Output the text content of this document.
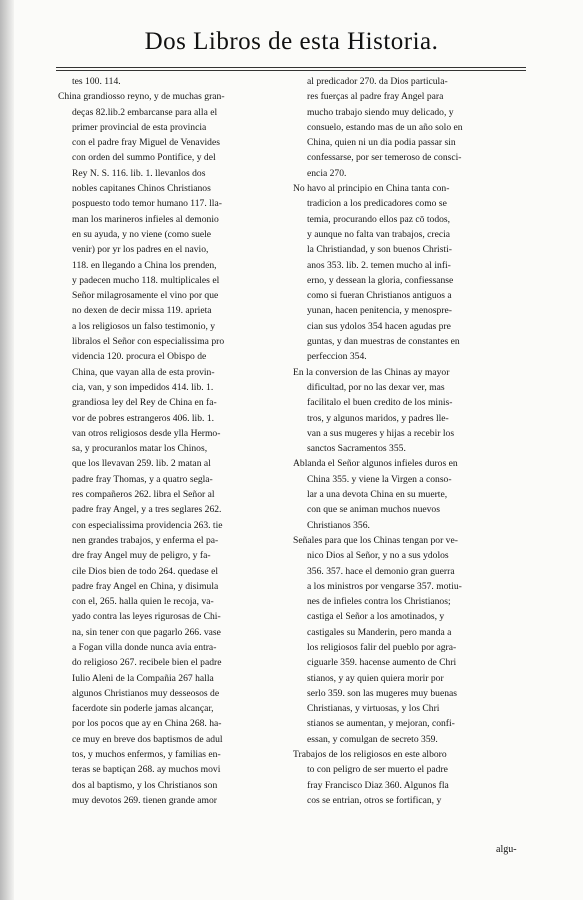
Dos Libros de esta Historia.
tes 100. 114.
China grandiosso reyno, y de muchas gran-
deças 82.lib.2 embarcanse para alla el
primer provincial de esta provincia
con el padre fray Miguel de Venavides
con orden del summo Pontifice, y del
Rey N. S. 116. lib. 1. llevanlos dos
nobles capitanes Chinos Christianos
pospuesto todo temor humano 117. lla-
man los marineros infieles al demonio
en su ayuda, y no viene (como suele
venir) por yr los padres en el navio,
118. en llegando a China los prenden,
y padecen mucho 118. multiplicales el
Señor milagrosamente el vino por que
no dexen de decir missa 119. aprieta
a los religiosos un falso testimonio, y
libralos el Señor con especialissima pro
videncia 120. procura el Obispo de
China, que vayan alla de esta provin-
cia, van, y son impedidos 414. lib. 1.
grandiosa ley del Rey de China en fa-
vor de pobres estrangeros 406. lib. 1.
van otros religiosos desde ylla Hermo-
sa, y procuranlos matar los Chinos,
que los llevavan 259. lib. 2 matan al
padre fray Thomas, y a quatro segla-
res compañeros 262. libra el Señor al
padre fray Angel, y a tres seglares 262.
con especialissima providencia 263. tie
nen grandes trabajos, y enferma el pa-
dre fray Angel muy de peligro, y fa-
cile Dios bien de todo 264. quedase el
padre fray Angel en China, y disimula
con el, 265. halla quien le recoja, va-
yado contra las leyes rigurosas de Chi-
na, sin tener con que pagarlo 266. vase
a Fogan villa donde nunca avia entra-
do religioso 267. recibele bien el padre
Iulio Aleni de la Compañia 267 halla
algunos Christianos muy desseosos de
facerdote sin poderle jamas alcançar,
por los pocos que ay en China 268. ha-
ce muy en breve dos baptismos de adul
tos, y muchos enfermos, y familias en-
teras se baptiçan 268. ay muchos movi
dos al baptismo, y los Christianos son
muy devotos 269. tienen grande amor
al predicador 270. da Dios particula-
res fuerças al padre fray Angel para
mucho trabajo siendo muy delicado, y
consuelo, estando mas de un año solo en
China, quien ni un dia podia passar sin
confessarse, por ser temeroso de consci-
encia 270.
No havo al principio en China tanta con-
tradicion a los predicadores como se
temia, procurando ellos paz cō todos,
y aunque no falta van trabajos, crecia
la Christiandad, y son buenos Christi-
anos 353. lib. 2. temen mucho al infi-
erno, y dessean la gloria, confiessanse
como si fueran Christianos antiguos a
yunan, hacen penitencia, y menospre-
cian sus ydolos 354 hacen agudas pre
guntas, y dan muestras de constantes en
perfeccion 354.
En la conversion de las Chinas ay mayor
dificultad, por no las dexar ver, mas
facilitalo el buen credito de los minis-
tros, y algunos maridos, y padres lle-
van a sus mugeres y hijas a recebir los
sanctos Sacramentos 355.
Ablanda el Señor algunos infieles duros en
China 355. y viene la Virgen a conso-
lar a una devota China en su muerte,
con que se animan muchos nuevos
Christianos 356.
Señales para que los Chinas tengan por ve-
nico Dios al Señor, y no a sus ydolos
356. 357. hace el demonio gran guerra
a los ministros por vengarse 357. motiu-
nes de infieles contra los Christianos;
castiga el Señor a los amotinados, y
castigales su Manderin, pero manda a
los religiosos falir del pueblo por agra-
ciguarle 359. hacense aumento de Chri
stianos, y ay quien quiera morir por
serlo 359. son las mugeres muy buenas
Christianas, y virtuosas, y los Chri
stianos se aumentan, y mejoran, confi-
essan, y comulgan de secreto 359.
Trabajos de los religiosos en este alboro
to con peligro de ser muerto el padre
fray Francisco Diaz 360. Algunos fla
cos se entrian, otros se fortifican, y
algu-
